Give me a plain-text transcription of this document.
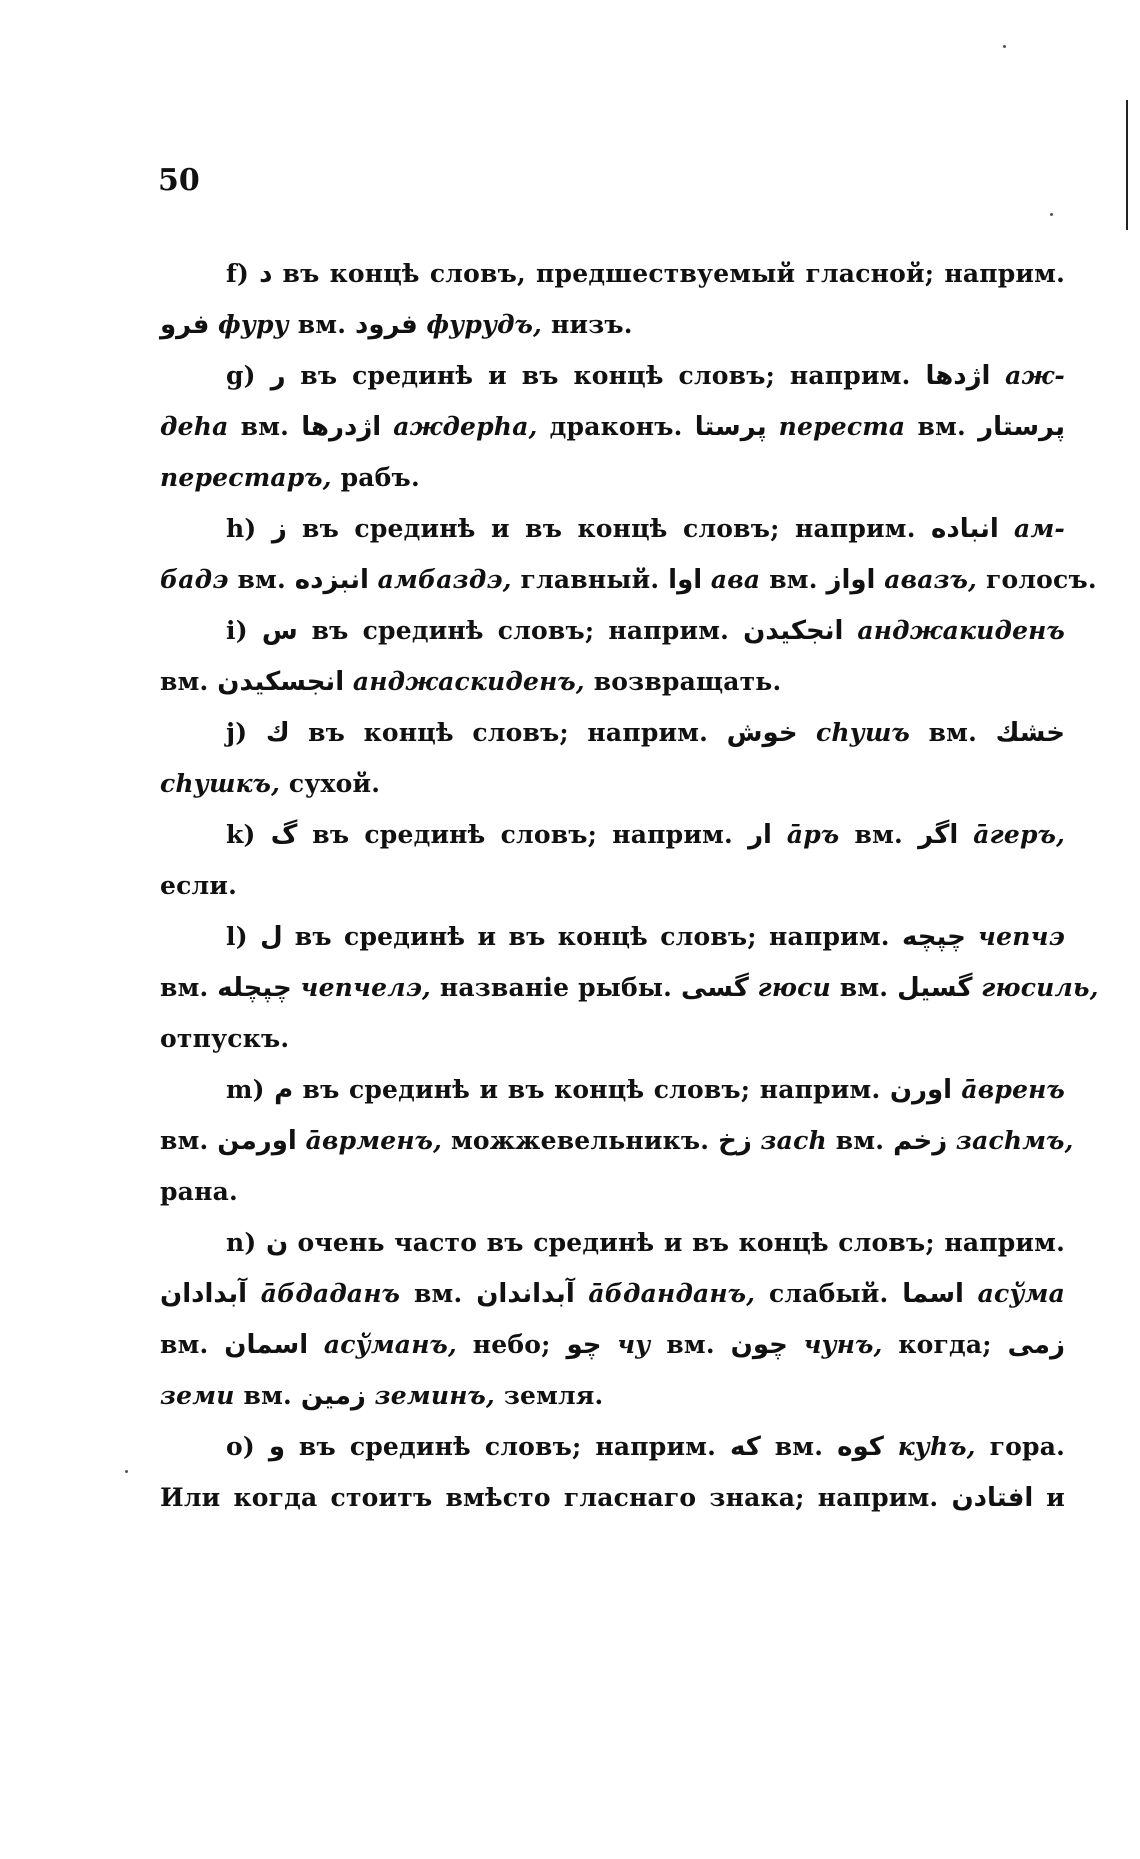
50
f) د въ концѣ словъ, предшествуемый гласной; наприм.
فرو фуру вм. فرود фурудъ, низъ.
g) ر въ срединѣ и въ концѣ словъ; наприм. اژدها аж-
деhа вм. اژدرها аждерhа, драконъ. پرستا переста вм. پرستار
перестаръ, рабъ.
h) ز въ срединѣ и въ концѣ словъ; наприм. انباده ам-
бадэ вм. انبزده амбаздэ, главный. اوا ава вм. اواز авазъ, голосъ.
i) س въ срединѣ словъ; наприм. انجکیدن анджакиденъ
вм. انجسکیدن анджаскиденъ, возвращать.
j) ك въ концѣ словъ; наприм. خوش сhушъ вм. خشك
сhушкъ, сухой.
k) گ въ срединѣ словъ; наприм. ار āръ вм. اگر āгеръ,
если.
l) ل въ срединѣ и въ концѣ словъ; наприм. چپچه чепчэ
вм. چپچله чепчелэ, названіе рыбы. گسی гюси вм. گسیل гюсиль,
отпускъ.
m) م въ срединѣ и въ концѣ словъ; наприм. اورن āвренъ
вм. اورمن āврменъ, можжевельникъ. زخ засh вм. زخم засhмъ,
рана.
n) ن очень часто въ срединѣ и въ концѣ словъ; наприм.
آبدادان āбдаданъ вм. آبداندان āбданданъ, слабый. اسما асўма
вм. اسمان асўманъ, небо; چو чу вм. چون чунъ, когда; زمی
земи вм. زمین зeминъ, земля.
o) و въ срединѣ словъ; наприм. که вм. کوه куhъ, гора.
Или когда стоитъ вмѣсто гласнаго знака; наприм. افتادن и
